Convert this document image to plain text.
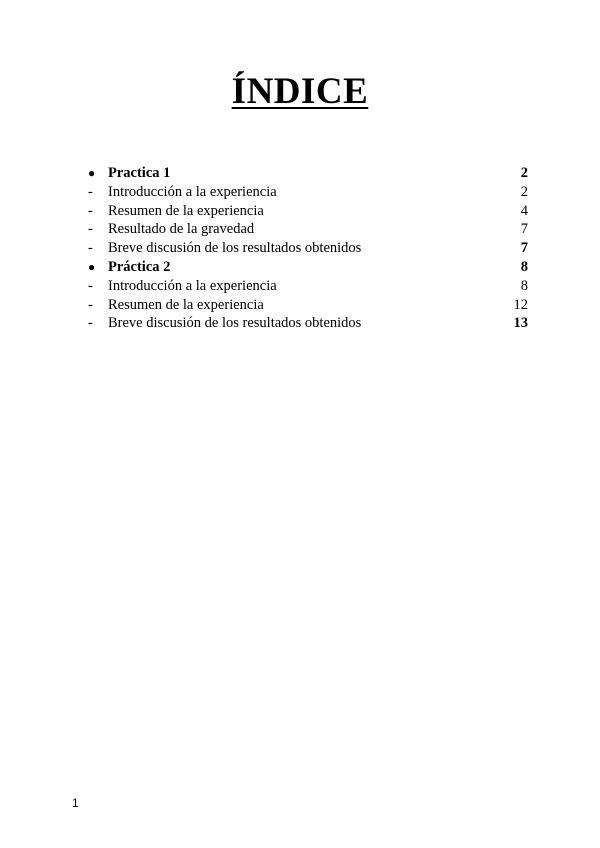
ÍNDICE
● Practica 1	2
-	Introducción a la experiencia	2
-	Resumen de la experiencia	4
-	Resultado de la gravedad	7
-	Breve discusión de los resultados obtenidos	7
● Práctica 2	8
-	Introducción a la experiencia	8
-	Resumen de la experiencia	12
-	Breve discusión de los resultados obtenidos	13
1
